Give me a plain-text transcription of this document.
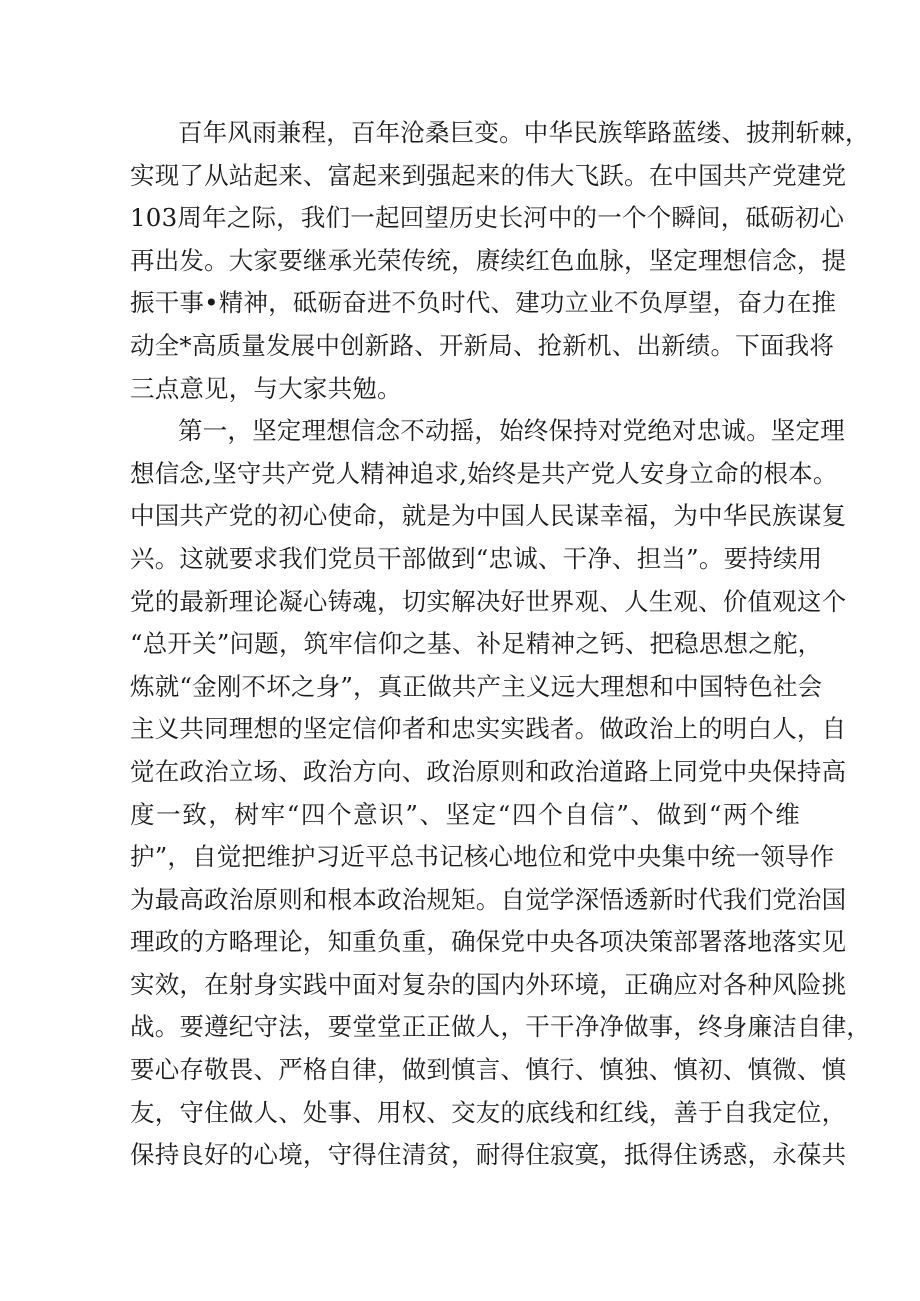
百年风雨兼程，百年沧桑巨变。中华民族筚路蓝缕、披荆斩棘，
实现了从站起来、富起来到强起来的伟大飞跃。在中国共产党建党
103周年之际，我们一起回望历史长河中的一个个瞬间，砥砺初心
再出发。大家要继承光荣传统，赓续红色血脉，坚定理想信念，提
振干事•精神，砥砺奋进不负时代、建功立业不负厚望，奋力在推
动全*高质量发展中创新路、开新局、抢新机、出新绩。下面我将
三点意见，与大家共勉。

第一，坚定理想信念不动摇，始终保持对党绝对忠诚。坚定理
想信念,坚守共产党人精神追求,始终是共产党人安身立命的根本。
中国共产党的初心使命，就是为中国人民谋幸福，为中华民族谋复
兴。这就要求我们党员干部做到“忠诚、干净、担当”。要持续用
党的最新理论凝心铸魂，切实解决好世界观、人生观、价值观这个
“总开关”问题，筑牢信仰之基、补足精神之钙、把稳思想之舵，
炼就“金刚不坏之身”，真正做共产主义远大理想和中国特色社会
主义共同理想的坚定信仰者和忠实实践者。做政治上的明白人，自
觉在政治立场、政治方向、政治原则和政治道路上同党中央保持高
度一致，树牢“四个意识”、坚定“四个自信”、做到“两个维
护”，自觉把维护习近平总书记核心地位和党中央集中统一领导作
为最高政治原则和根本政治规矩。自觉学深悟透新时代我们党治国
理政的方略理论，知重负重，确保党中央各项决策部署落地落实见
实效，在射身实践中面对复杂的国内外环境，正确应对各种风险挑
战。要遵纪守法，要堂堂正正做人，干干净净做事，终身廉洁自律，
要心存敬畏、严格自律，做到慎言、慎行、慎独、慎初、慎微、慎
友，守住做人、处事、用权、交友的底线和红线，善于自我定位，
保持良好的心境，守得住清贫，耐得住寂寞，抵得住诱惑，永葆共
